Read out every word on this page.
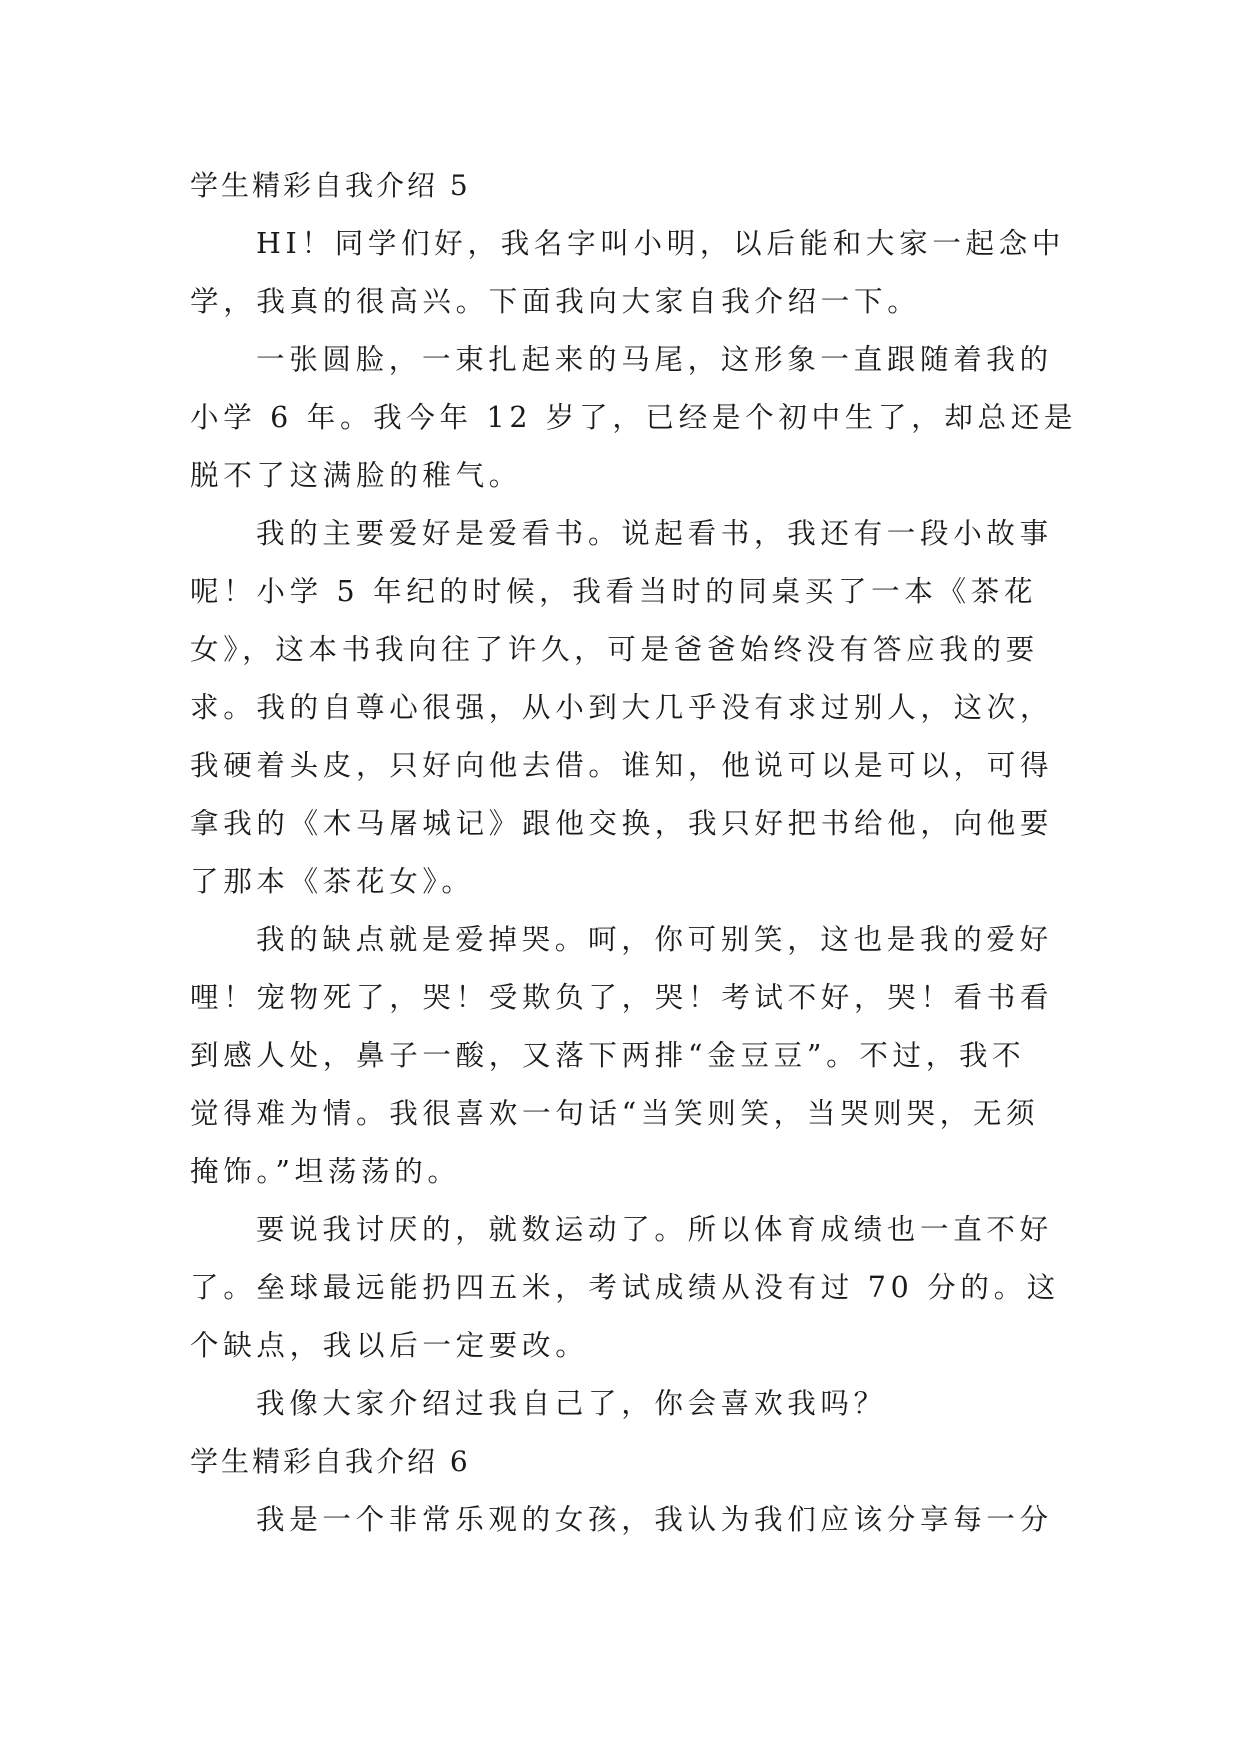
学生精彩自我介绍 5

HI！同学们好，我名字叫小明，以后能和大家一起念中
学，我真的很高兴。下面我向大家自我介绍一下。

一张圆脸，一束扎起来的马尾，这形象一直跟随着我的
小学 6 年。我今年 12 岁了，已经是个初中生了，却总还是
脱不了这满脸的稚气。

我的主要爱好是爱看书。说起看书，我还有一段小故事
呢！小学 5 年纪的时候，我看当时的同桌买了一本《茶花
女》，这本书我向往了许久，可是爸爸始终没有答应我的要
求。我的自尊心很强，从小到大几乎没有求过别人，这次，
我硬着头皮，只好向他去借。谁知，他说可以是可以，可得
拿我的《木马屠城记》跟他交换，我只好把书给他，向他要
了那本《茶花女》。

我的缺点就是爱掉哭。呵，你可别笑，这也是我的爱好
哩！宠物死了，哭！受欺负了，哭！考试不好，哭！看书看
到感人处，鼻子一酸，又落下两排“金豆豆”。不过，我不
觉得难为情。我很喜欢一句话“当笑则笑，当哭则哭，无须
掩饰。”坦荡荡的。

要说我讨厌的，就数运动了。所以体育成绩也一直不好
了。垒球最远能扔四五米，考试成绩从没有过 70 分的。这
个缺点，我以后一定要改。

我像大家介绍过我自己了，你会喜欢我吗？

学生精彩自我介绍 6

我是一个非常乐观的女孩，我认为我们应该分享每一分
